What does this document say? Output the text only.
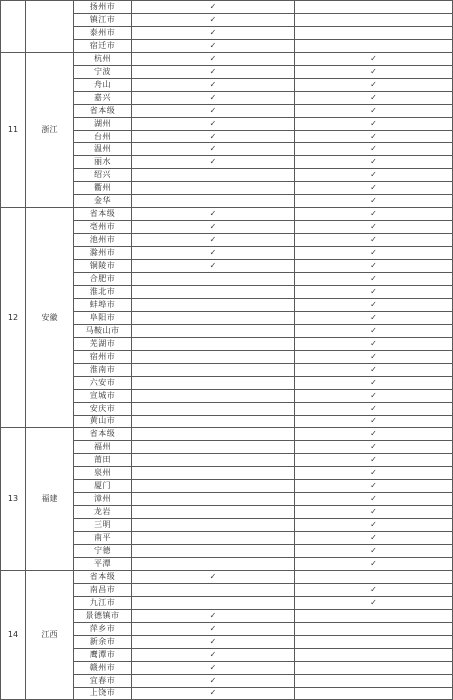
		扬州市	✓	
		镇江市	✓	
		泰州市	✓	
		宿迁市	✓	
11	浙江	杭州	✓	✓
		宁波	✓	✓
		舟山	✓	✓
		嘉兴	✓	✓
		省本级	✓	✓
		湖州	✓	✓
		台州	✓	✓
		温州	✓	✓
		丽水	✓	✓
		绍兴		✓
		衢州		✓
		金华		✓
12	安徽	省本级	✓	✓
		亳州市	✓	✓
		池州市	✓	✓
		滁州市	✓	✓
		铜陵市	✓	✓
		合肥市		✓
		淮北市		✓
		蚌埠市		✓
		阜阳市		✓
		马鞍山市		✓
		芜湖市		✓
		宿州市		✓
		淮南市		✓
		六安市		✓
		宣城市		✓
		安庆市		✓
		黄山市		✓
13	福建	省本级		✓
		福州		✓
		莆田		✓
		泉州		✓
		厦门		✓
		漳州		✓
		龙岩		✓
		三明		✓
		南平		✓
		宁德		✓
		平潭		✓
14	江西	省本级	✓	
		南昌市		✓
		九江市		✓
		景德镇市	✓	
		萍乡市	✓	
		新余市	✓	
		鹰潭市	✓	
		赣州市	✓	
		宜春市	✓	
		上饶市	✓	
